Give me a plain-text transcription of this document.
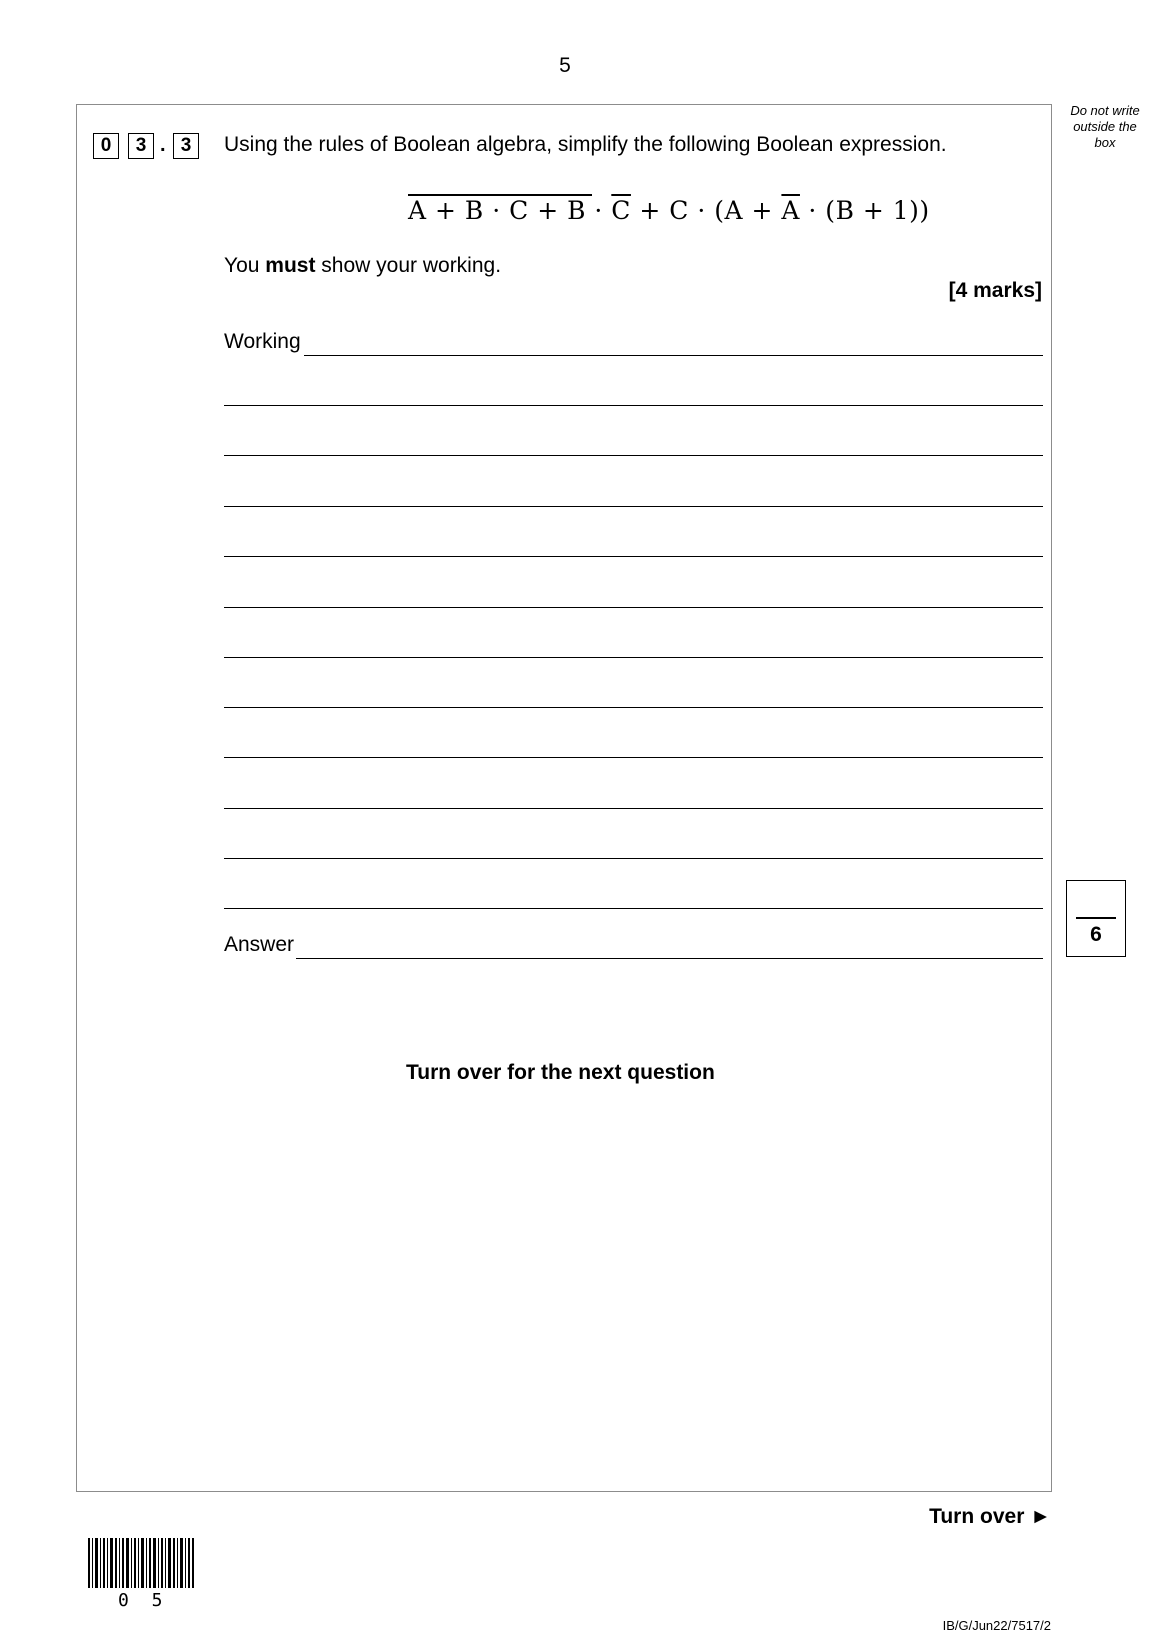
5
Do not write
outside the
box
0	3 . 3	Using the rules of Boolean algebra, simplify the following Boolean expression.
$\overline{A} + B \cdot C + B \cdot \overline{C} + C \cdot (A + \overline{A} \cdot (B + 1))$
You must show your working.
[4 marks]
Working
Answer	6
Turn over for the next question
Turn over ►
0 5
IB/G/Jun22/7517/2
